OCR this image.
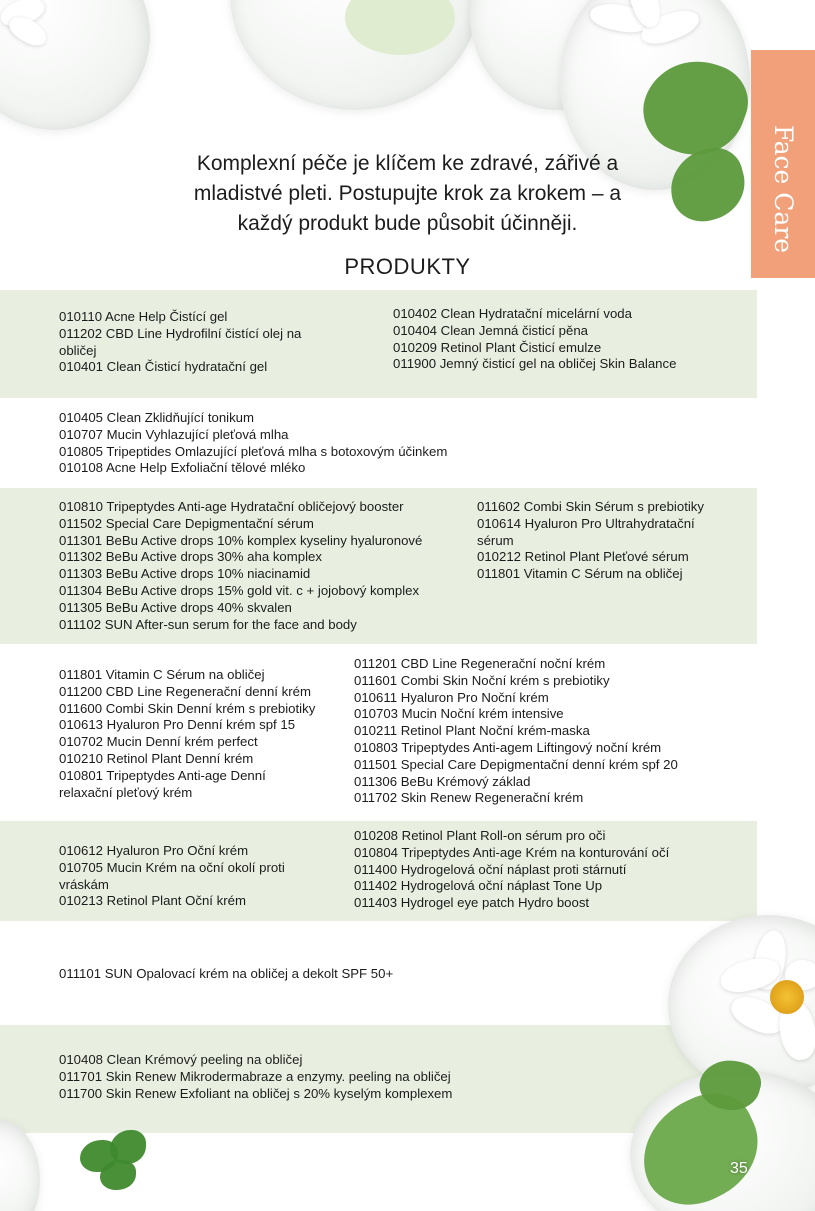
Face Care
Komplexní péče je klíčem ke zdravé, zářivé a
mladistvé pleti. Postupujte krok za krokem – a
každý produkt bude působit účinněji.
PRODUKTY
010110 Acne Help Čistící gel
011202 CBD Line Hydrofilní čistící olej na
obličej
010401 Clean Čisticí hydratační gel
010402 Clean Hydratační micelární voda
010404 Clean Jemná čisticí pěna
010209 Retinol Plant Čisticí emulze
011900 Jemný čisticí gel na obličej Skin Balance
010405 Clean Zklidňující tonikum
010707 Mucin Vyhlazující pleťová mlha
010805 Tripeptides Omlazující pleťová mlha s botoxovým účinkem
010108 Acne Help Exfoliační tělové mléko
010810 Tripeptydes Anti-age Hydratační obličejový booster
011502 Special Care Depigmentační sérum
011301 BeBu Active drops 10% komplex kyseliny hyaluronové
011302 BeBu Active drops 30% aha komplex
011303 BeBu Active drops 10% niacinamid
011304 BeBu Active drops 15% gold vit. c + jojobový komplex
011305 BeBu Active drops 40% skvalen
011102 SUN After-sun serum for the face and body
011602 Combi Skin Sérum s prebiotiky
010614 Hyaluron Pro Ultrahydratační
sérum
010212 Retinol Plant Pleťové sérum
011801 Vitamin C Sérum na obličej
011801 Vitamin C Sérum na obličej
011200 CBD Line Regenerační denní krém
011600 Combi Skin Denní krém s prebiotiky
010613 Hyaluron Pro Denní krém spf 15
010702 Mucin Denní krém perfect
010210 Retinol Plant Denní krém
010801 Tripeptydes Anti-age Denní
relaxační pleťový krém
011201 CBD Line Regenerační noční krém
011601 Combi Skin Noční krém s prebiotiky
010611 Hyaluron Pro Noční krém
010703 Mucin Noční krém intensive
010211 Retinol Plant Noční krém-maska
010803 Tripeptydes Anti-agem Liftingový noční krém
011501 Special Care Depigmentační denní krém spf 20
011306 BeBu Krémový základ
011702 Skin Renew Regenerační krém
010612 Hyaluron Pro Oční krém
010705 Mucin Krém na oční okolí proti
vráskám
010213 Retinol Plant Oční krém
010208 Retinol Plant Roll-on sérum pro oči
010804 Tripeptydes Anti-age Krém na konturování očí
011400 Hydrogelová oční náplast proti stárnutí
011402 Hydrogelová oční náplast Tone Up
011403 Hydrogel eye patch Hydro boost
011101 SUN Opalovací krém na obličej a dekolt SPF 50+
010408 Clean Krémový peeling na obličej
011701 Skin Renew Mikrodermabraze a enzymy. peeling na obličej
011700 Skin Renew Exfoliant na obličej s 20% kyselým komplexem
35
